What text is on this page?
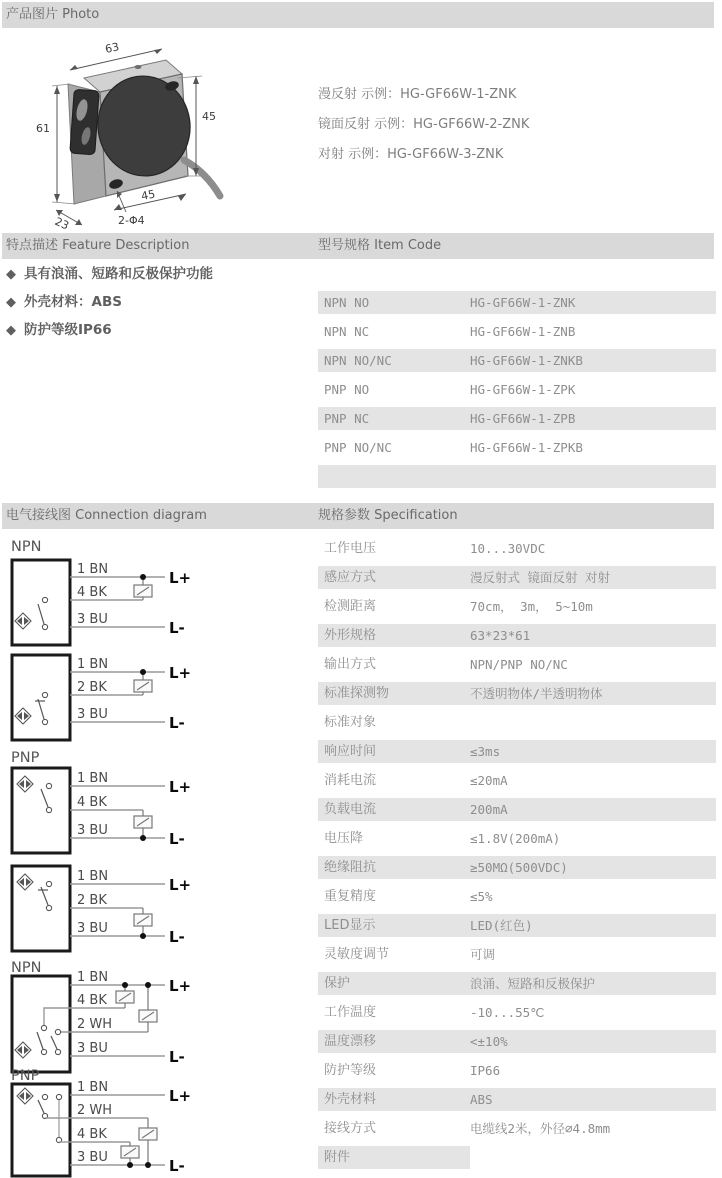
产品图片 Photo
63
45
61
23
45
2-Φ4
漫反射 示例：HG-GF66W-1-ZNK
镜面反射 示例：HG-GF66W-2-ZNK
对射 示例：HG-GF66W-3-ZNK
特点描述 Feature Description	型号规格 Item Code
◆ 具有浪涌、短路和反极保护功能
◆ 外壳材料：ABS
◆ 防护等级IP66
NPN NO	HG-GF66W-1-ZNK
NPN NC	HG-GF66W-1-ZNB
NPN NO/NC	HG-GF66W-1-ZNKB
PNP NO	HG-GF66W-1-ZPK
PNP NC	HG-GF66W-1-ZPB
PNP NO/NC	HG-GF66W-1-ZPKB
电气接线图 Connection diagram	规格参数 Specification
NPN
1 BN
4 BK
3 BU
L+
L-
1 BN
2 BK
3 BU
L+
L-
PNP
1 BN
4 BK
3 BU
L+
L-
1 BN
2 BK
3 BU
L+
L-
NPN
1 BN
4 BK
2 WH
3 BU
L+
L-
PNP
1 BN
2 WH
4 BK
3 BU
L+
L-
工作电压	10...30VDC
感应方式	漫反射式 镜面反射 对射
检测距离	70cm， 3m， 5~10m
外形规格	63*23*61
输出方式	NPN/PNP NO/NC
标准探测物	不透明物体/半透明物体
标准对象
响应时间	≤3ms
消耗电流	≤20mA
负载电流	200mA
电压降	≤1.8V(200mA)
绝缘阻抗	≥50MΩ(500VDC)
重复精度	≤5%
LED显示	LED(红色)
灵敏度调节	可调
保护	浪涌、短路和反极保护
工作温度	-10...55℃
温度漂移	<±10%
防护等级	IP66
外壳材料	ABS
接线方式	电缆线2米，外径∅4.8mm
附件
